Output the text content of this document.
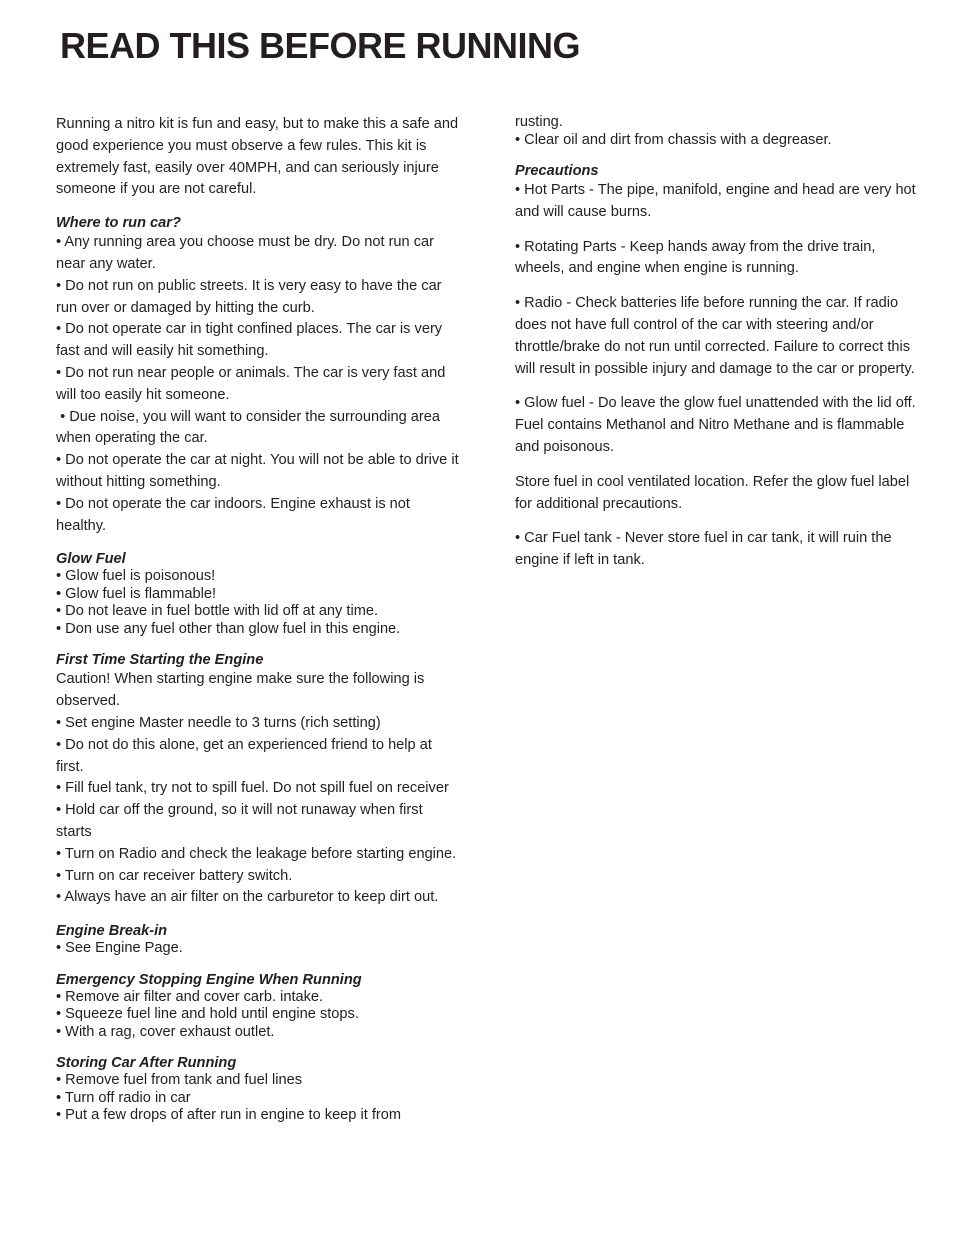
READ THIS BEFORE RUNNING

Running a nitro kit is fun and easy, but to make this a safe and good experience you must observe a few rules. This kit is extremely fast, easily over 40MPH, and can seriously injure someone if you are not careful.

Where to run car?

• Any running area you choose must be dry. Do not run car near any water.

• Do not run on public streets. It is very easy to have the car run over or damaged by hitting the curb.

• Do not operate car in tight confined places. The car is very fast and will easily hit something.

• Do not run near people or animals. The car is very fast and will too easily hit someone.

• Due noise, you will want to consider the surrounding area when operating the car.

• Do not operate the car at night. You will not be able to drive it without hitting something.

• Do not operate the car indoors. Engine exhaust is not healthy.

Glow Fuel

• Glow fuel is poisonous!

• Glow fuel is flammable!

• Do not leave in fuel bottle with lid off at any time.

• Don use any fuel other than glow fuel in this engine.

First Time Starting the Engine

Caution! When starting engine make sure the following is observed.

• Set engine Master needle to 3 turns (rich setting)

• Do not do this alone, get an experienced friend to help at first.

• Fill fuel tank, try not to spill fuel. Do not spill fuel on receiver

• Hold car off the ground, so it will not runaway when first starts

• Turn on Radio and check the leakage before starting engine.

• Turn on car receiver battery switch.

• Always have an air filter on the carburetor to keep dirt out.

Engine Break-in

• See Engine Page.

Emergency Stopping Engine When Running

• Remove air filter and cover carb. intake.

• Squeeze fuel line and hold until engine stops.

• With a rag, cover exhaust outlet.

Storing Car After Running

• Remove fuel from tank and fuel lines

• Turn off radio in car

• Put a few drops of after run in engine to keep it from

rusting.

• Clear oil and dirt from chassis with a degreaser.

Precautions

• Hot Parts - The pipe, manifold, engine and head are very hot and will cause burns.

• Rotating Parts - Keep hands away from the drive train, wheels, and engine when engine is running.

• Radio - Check batteries life before running the car. If radio does not have full control of the car with steering and/or throttle/brake do not run until corrected. Failure to correct this will result in possible injury and damage to the car or property.

• Glow fuel - Do leave the glow fuel unattended with the lid off. Fuel contains Methanol and Nitro Methane and is flammable and poisonous.

Store fuel in cool ventilated location. Refer the glow fuel label for additional precautions.

• Car Fuel tank - Never store fuel in car tank, it will ruin the engine if left in tank.
